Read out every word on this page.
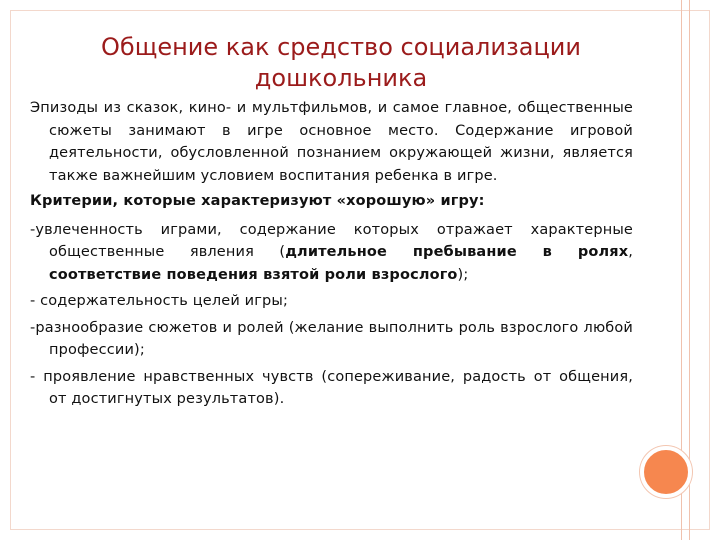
Общение как средство социализации
дошкольника

Эпизоды из сказок, кино- и мультфильмов, и самое главное, общественные сюжеты занимают в игре основное место. Содержание игровой деятельности, обусловленной познанием окружающей жизни, является также важнейшим условием воспитания ребенка в игре.

Критерии, которые характеризуют «хорошую» игру:

-увлеченность играми, содержание которых отражает характерные общественные явления (длительное пребывание в ролях, соответствие поведения взятой роли взрослого);

- содержательность целей игры;

-разнообразие сюжетов и ролей (желание выполнить роль взрослого любой профессии);

- проявление нравственных чувств (сопереживание, радость от общения, от достигнутых результатов).
